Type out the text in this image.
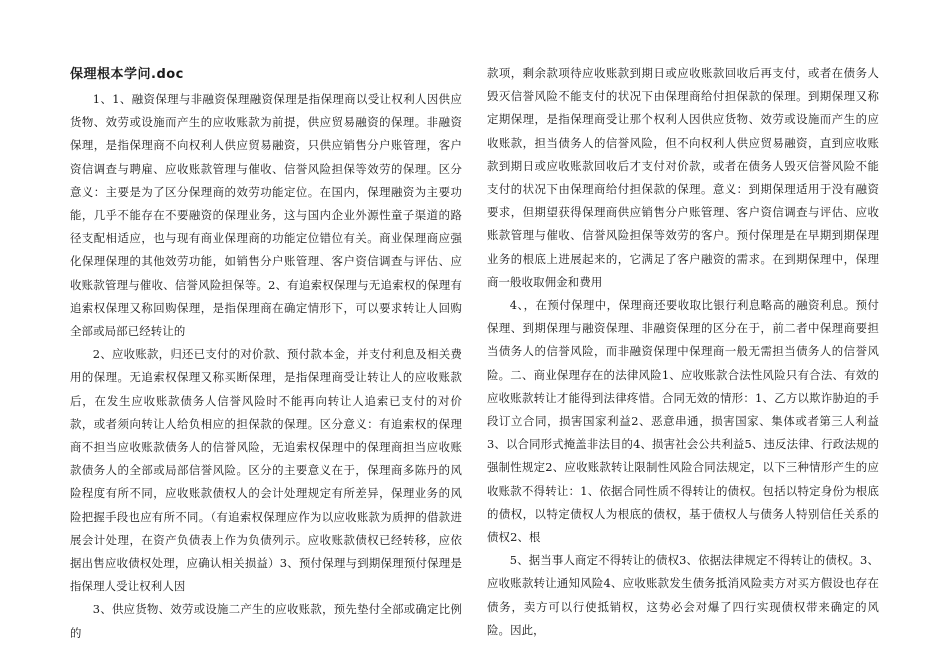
保理根本学问.doc

1、1、融资保理与非融资保理融资保理是指保理商以受让权利人因供应货物、效劳或设施而产生的应收账款为前提，供应贸易融资的保理。非融资保理，是指保理商不向权利人供应贸易融资，只供应销售分户账管理，客户资信调查与聘雇、应收账款管理与催收、信誉风险担保等效劳的保理。区分意义：主要是为了区分保理商的效劳功能定位。在国内，保理融资为主要功能，几乎不能存在不要融资的保理业务，这与国内企业外源性童子渠道的路径支配相适应，也与现有商业保理商的功能定位错位有关。商业保理商应强化保理保理的其他效劳功能，如销售分户账管理、客户资信调查与评估、应收账款管理与催收、信誉风险担保等。2、有追索权保理与无追索权的保理有追索权保理又称回购保理，是指保理商在确定情形下，可以要求转让人回购全部或局部已经转让的

2、应收账款，归还已支付的对价款、预付款本金，并支付利息及相关费用的保理。无追索权保理又称买断保理，是指保理商受让转让人的应收账款后，在发生应收账款债务人信誉风险时不能再向转让人追索已支付的对价款，或者须向转让人给负相应的担保款的保理。区分意义：有追索权的保理商不担当应收账款债务人的信誉风险，无追索权保理中的保理商担当应收账款债务人的全部或局部信誉风险。区分的主要意义在于，保理商多陈丹的风险程度有所不同，应收账款债权人的会计处理规定有所差异，保理业务的风险把握手段也应有所不同。（有追索权保理应作为以应收账款为质押的借款进展会计处理，在资产负债表上作为负债列示。应收账款债权已经转移，应依据出售应收债权处理，应确认相关损益）3、预付保理与到期保理预付保理是指保理人受让权利人因

3、供应货物、效劳或设施二产生的应收账款，预先垫付全部或确定比例的

款项，剩余款项待应收账款到期日或应收账款回收后再支付，或者在债务人毁灭信誉风险不能支付的状况下由保理商给付担保款的保理。到期保理又称定期保理，是指保理商受让那个权利人因供应货物、效劳或设施而产生的应收账款，担当债务人的信誉风险，但不向权利人供应贸易融资，直到应收账款到期日或应收账款回收后才支付对价款，或者在债务人毁灭信誉风险不能支付的状况下由保理商给付担保款的保理。意义：到期保理适用于没有融资要求，但期望获得保理商供应销售分户账管理、客户资信调查与评估、应收账款管理与催收、信誉风险担保等效劳的客户。预付保理是在早期到期保理业务的根底上进展起来的，它满足了客户融资的需求。在到期保理中，保理商一般收取佣金和费用

4、，在预付保理中，保理商还要收取比银行利息略高的融资利息。预付保理、到期保理与融资保理、非融资保理的区分在于，前二者中保理商要担当债务人的信誉风险，而非融资保理中保理商一般无需担当债务人的信誉风险。二、商业保理存在的法律风险1、应收账款合法性风险只有合法、有效的应收账款转让才能得到法律疼惜。合同无效的情形：1、乙方以欺诈胁迫的手段订立合同，损害国家利益2、恶意串通，损害国家、集体或者第三人利益3、以合同形式掩盖非法目的4、损害社会公共利益5、违反法律、行政法规的强制性规定2、应收账款转让限制性风险合同法规定，以下三种情形产生的应收账款不得转让：1、依据合同性质不得转让的债权。包括以特定身份为根底的债权，以特定债权人为根底的债权，基于债权人与债务人特别信任关系的债权2、根

5、据当事人商定不得转让的债权3、依据法律规定不得转让的债权。3、应收账款转让通知风险4、应收账款发生债务抵消风险卖方对买方假设也存在债务，卖方可以行使抵销权，这势必会对爆了四行实现债权带来确定的风险。因此，
